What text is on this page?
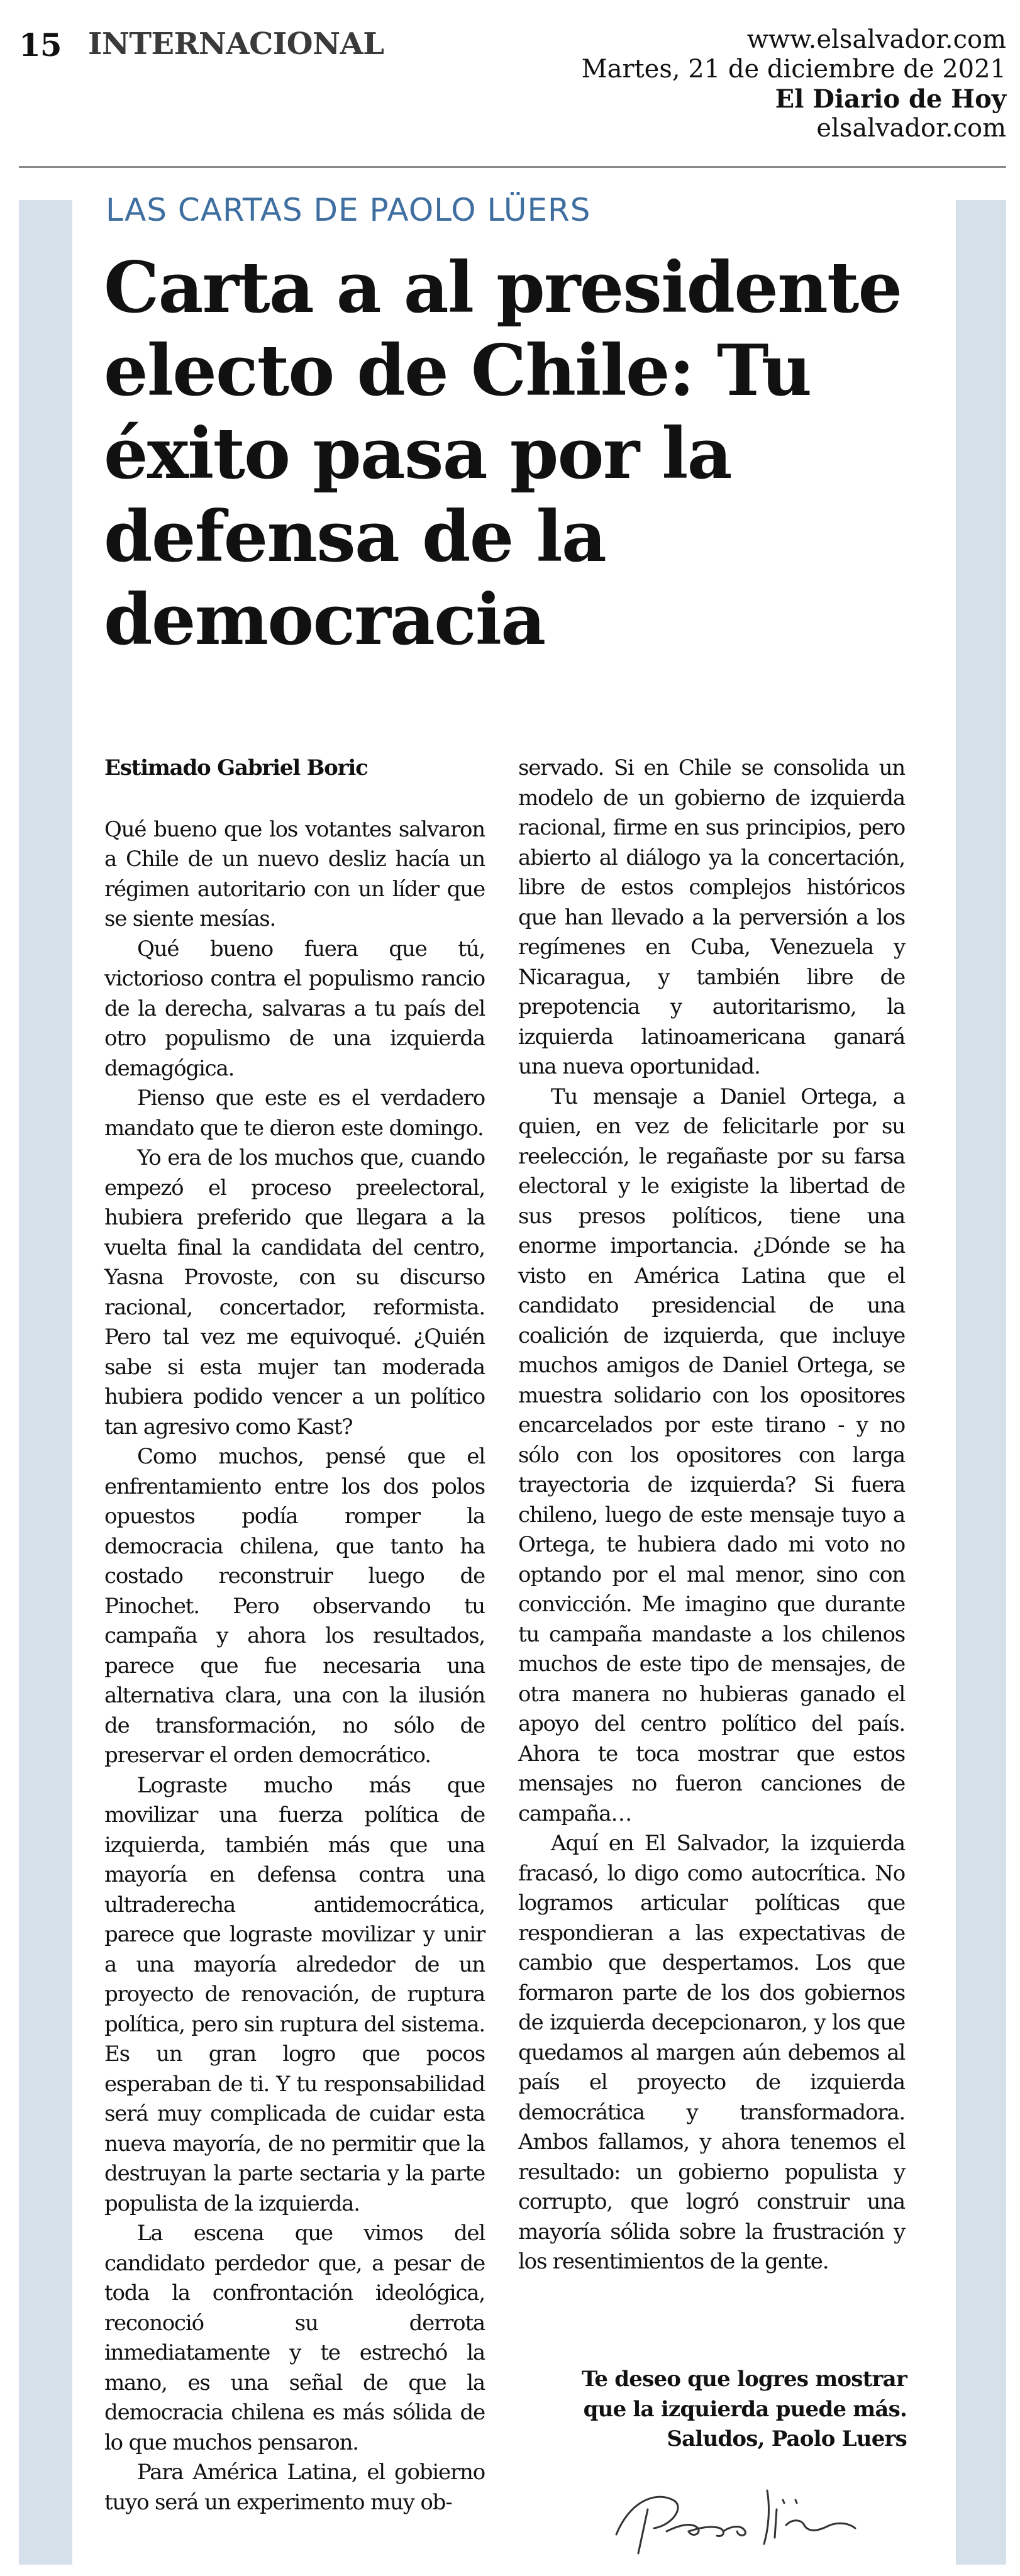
15 INTERNACIONAL	www.elsalvador.com
Martes, 21 de diciembre de 2021
El Diario de Hoy
elsalvador.com
LAS CARTAS DE PAOLO LÜERS
Carta a al presidente electo de Chile: Tu éxito pasa por la defensa de la democracia

Estimado Gabriel Boric

Qué bueno que los votantes salvaron a Chile de un nuevo desliz hacía un régimen autoritario con un líder que se siente mesías.

Qué bueno fuera que tú, victorioso contra el populismo rancio de la derecha, salvaras a tu país del otro populismo de una izquierda demagógica.

Pienso que este es el verdadero mandato que te dieron este domingo.

Yo era de los muchos que, cuando empezó el proceso preelectoral, hubiera preferido que llegara a la vuelta final la candidata del centro, Yasna Provoste, con su discurso racional, concertador, reformista. Pero tal vez me equivoqué. ¿Quién sabe si esta mujer tan moderada hubiera podido vencer a un político tan agresivo como Kast?

Como muchos, pensé que el enfrentamiento entre los dos polos opuestos podía romper la democracia chilena, que tanto ha costado reconstruir luego de Pinochet. Pero observando tu campaña y ahora los resultados, parece que fue necesaria una alternativa clara, una con la ilusión de transformación, no sólo de preservar el orden democrático.

Lograste mucho más que movilizar una fuerza política de izquierda, también más que una mayoría en defensa contra una ultraderecha antidemocrática, parece que lograste movilizar y unir a una mayoría alrededor de un proyecto de renovación, de ruptura política, pero sin ruptura del sistema. Es un gran logro que pocos esperaban de ti. Y tu responsabilidad será muy complicada de cuidar esta nueva mayoría, de no permitir que la destruyan la parte sectaria y la parte populista de la izquierda.

La escena que vimos del candidato perdedor que, a pesar de toda la confrontación ideológica, reconoció su derrota inmediatamente y te estrechó la mano, es una señal de que la democracia chilena es más sólida de lo que muchos pensaron.

Para América Latina, el gobierno tuyo será un experimento muy ob-

servado. Si en Chile se consolida un modelo de un gobierno de izquierda racional, firme en sus principios, pero abierto al diálogo ya la concertación, libre de estos complejos históricos que han llevado a la perversión a los regímenes en Cuba, Venezuela y Nicaragua, y también libre de prepotencia y autoritarismo, la izquierda latinoamericana ganará una nueva oportunidad.

Tu mensaje a Daniel Ortega, a quien, en vez de felicitarle por su reelección, le regañaste por su farsa electoral y le exigiste la libertad de sus presos políticos, tiene una enorme importancia. ¿Dónde se ha visto en América Latina que el candidato presidencial de una coalición de izquierda, que incluye muchos amigos de Daniel Ortega, se muestra solidario con los opositores encarcelados por este tirano - y no sólo con los opositores con larga trayectoria de izquierda? Si fuera chileno, luego de este mensaje tuyo a Ortega, te hubiera dado mi voto no optando por el mal menor, sino con convicción. Me imagino que durante tu campaña mandaste a los chilenos muchos de este tipo de mensajes, de otra manera no hubieras ganado el apoyo del centro político del país. Ahora te toca mostrar que estos mensajes no fueron canciones de campaña…

Aquí en El Salvador, la izquierda fracasó, lo digo como autocrítica. No logramos articular políticas que respondieran a las expectativas de cambio que despertamos. Los que formaron parte de los dos gobiernos de izquierda decepcionaron, y los que quedamos al margen aún debemos al país el proyecto de izquierda democrática y transformadora. Ambos fallamos, y ahora tenemos el resultado: un gobierno populista y corrupto, que logró construir una mayoría sólida sobre la frustración y los resentimientos de la gente.

Te deseo que logres mostrar
que la izquierda puede más.
Saludos, Paolo Luers
